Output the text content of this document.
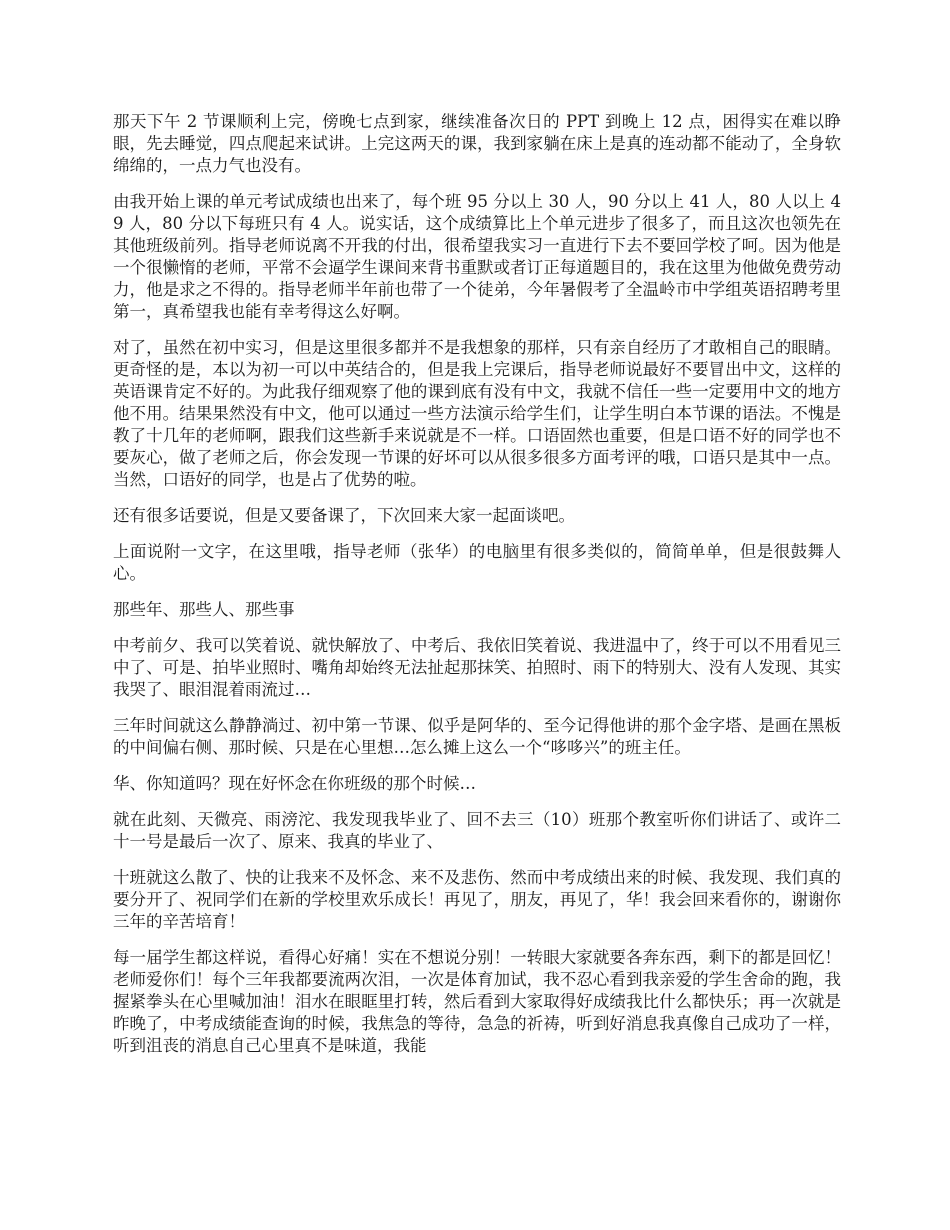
那天下午 2 节课顺利上完，傍晚七点到家，继续准备次日的 PPT 到晚上 12 点，困得实在难以睁眼，先去睡觉，四点爬起来试讲。上完这两天的课，我到家躺在床上是真的连动都不能动了，全身软绵绵的，一点力气也没有。

由我开始上课的单元考试成绩也出来了，每个班 95 分以上 30 人，90 分以上 41 人，80 人以上 49 人，80 分以下每班只有 4 人。说实话，这个成绩算比上个单元进步了很多了，而且这次也领先在其他班级前列。指导老师说离不开我的付出，很希望我实习一直进行下去不要回学校了呵。因为他是一个很懒惰的老师，平常不会逼学生课间来背书重默或者订正每道题目的，我在这里为他做免费劳动力，他是求之不得的。指导老师半年前也带了一个徒弟，今年暑假考了全温岭市中学组英语招聘考里第一，真希望我也能有幸考得这么好啊。

对了，虽然在初中实习，但是这里很多都并不是我想象的那样，只有亲自经历了才敢相自己的眼睛。更奇怪的是，本以为初一可以中英结合的，但是我上完课后，指导老师说最好不要冒出中文，这样的英语课肯定不好的。为此我仔细观察了他的课到底有没有中文，我就不信任一些一定要用中文的地方他不用。结果果然没有中文，他可以通过一些方法演示给学生们，让学生明白本节课的语法。不愧是教了十几年的老师啊，跟我们这些新手来说就是不一样。口语固然也重要，但是口语不好的同学也不要灰心，做了老师之后，你会发现一节课的好坏可以从很多很多方面考评的哦，口语只是其中一点。当然，口语好的同学，也是占了优势的啦。

还有很多话要说，但是又要备课了，下次回来大家一起面谈吧。

上面说附一文字，在这里哦，指导老师（张华）的电脑里有很多类似的，简简单单，但是很鼓舞人心。

那些年、那些人、那些事

中考前夕、我可以笑着说、就快解放了、中考后、我依旧笑着说、我进温中了，终于可以不用看见三中了、可是、拍毕业照时、嘴角却始终无法扯起那抹笑、拍照时、雨下的特别大、没有人发现、其实我哭了、眼泪混着雨流过…

三年时间就这么静静淌过、初中第一节课、似乎是阿华的、至今记得他讲的那个金字塔、是画在黑板的中间偏右侧、那时候、只是在心里想…怎么摊上这么一个“哆哆兴”的班主任。

华、你知道吗？现在好怀念在你班级的那个时候…

就在此刻、天微亮、雨滂沱、我发现我毕业了、回不去三（10）班那个教室听你们讲话了、或许二十一号是最后一次了、原来、我真的毕业了、

十班就这么散了、快的让我来不及怀念、来不及悲伤、然而中考成绩出来的时候、我发现、我们真的要分开了、祝同学们在新的学校里欢乐成长！再见了，朋友，再见了，华！我会回来看你的，谢谢你三年的辛苦培育！

每一届学生都这样说，看得心好痛！实在不想说分别！一转眼大家就要各奔东西，剩下的都是回忆！老师爱你们！每个三年我都要流两次泪，一次是体育加试，我不忍心看到我亲爱的学生舍命的跑，我握紧拳头在心里喊加油！泪水在眼眶里打转，然后看到大家取得好成绩我比什么都快乐；再一次就是昨晚了，中考成绩能查询的时候，我焦急的等待，急急的祈祷，听到好消息我真像自己成功了一样，听到沮丧的消息自己心里真不是味道，我能
